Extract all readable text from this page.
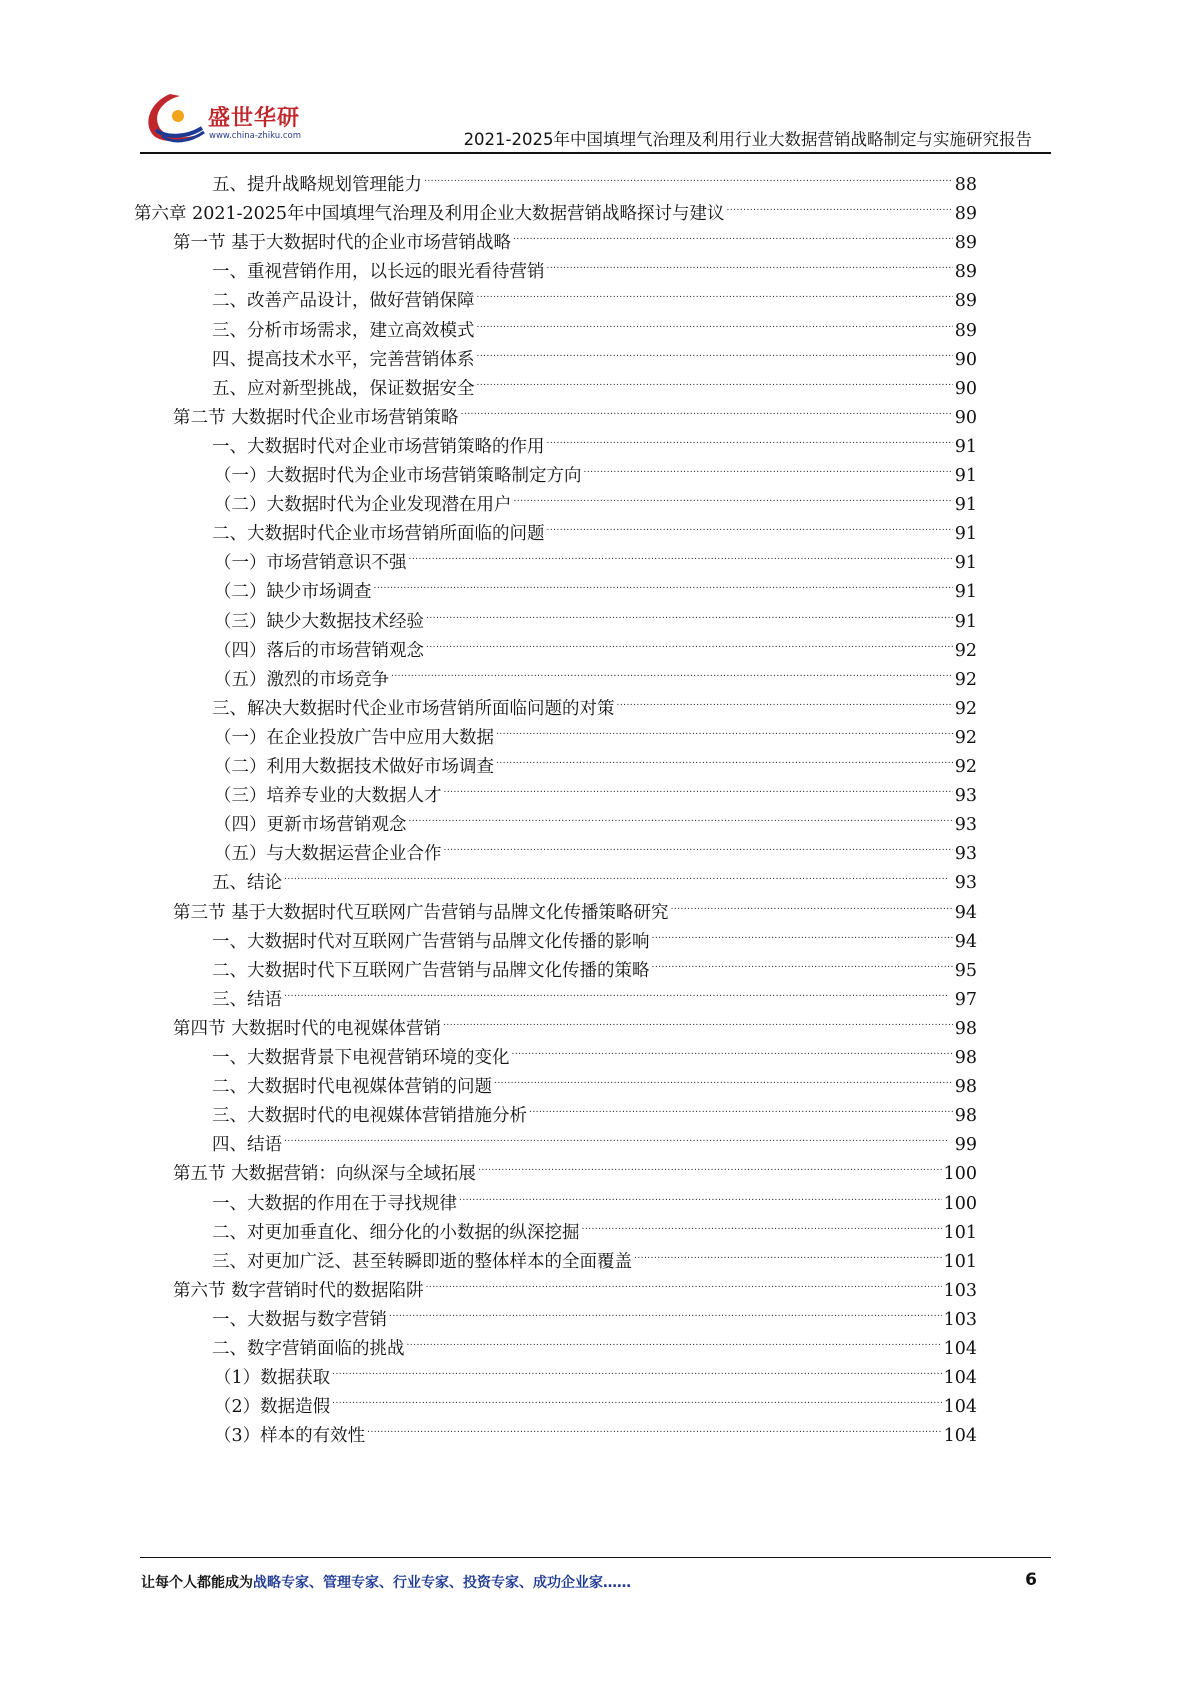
盛世华研
www.china-zhiku.com	2021-2025年中国填埋气治理及利用行业大数据营销战略制定与实施研究报告
五、提升战略规划管理能力 . . .	88
第六章 2021-2025年中国填埋气治理及利用企业大数据营销战略探讨与建议 . . .	89
第一节 基于大数据时代的企业市场营销战略 . . .	89
一、重视营销作用，以长远的眼光看待营销 . . .	89
二、改善产品设计，做好营销保障 . . .	89
三、分析市场需求，建立高效模式 . . .	89
四、提高技术水平，完善营销体系 . . .	90
五、应对新型挑战，保证数据安全 . . .	90
第二节 大数据时代企业市场营销策略 . . .	90
一、大数据时代对企业市场营销策略的作用 . . .	91
（一）大数据时代为企业市场营销策略制定方向 . . .	91
（二）大数据时代为企业发现潜在用户 . . .	91
二、大数据时代企业市场营销所面临的问题 . . .	91
（一）市场营销意识不强 . . .	91
（二）缺少市场调查 . . .	91
（三）缺少大数据技术经验 . . .	91
（四）落后的市场营销观念 . . .	92
（五）激烈的市场竞争 . . .	92
三、解决大数据时代企业市场营销所面临问题的对策 . . .	92
（一）在企业投放广告中应用大数据 . . .	92
（二）利用大数据技术做好市场调查 . . .	92
（三）培养专业的大数据人才 . . .	93
（四）更新市场营销观念 . . .	93
（五）与大数据运营企业合作 . . .	93
五、结论 . . .	93
第三节 基于大数据时代互联网广告营销与品牌文化传播策略研究 . . .	94
一、大数据时代对互联网广告营销与品牌文化传播的影响 . . .	94
二、大数据时代下互联网广告营销与品牌文化传播的策略 . . .	95
三、结语 . . .	97
第四节 大数据时代的电视媒体营销 . . .	98
一、大数据背景下电视营销环境的变化 . . .	98
二、大数据时代电视媒体营销的问题 . . .	98
三、大数据时代的电视媒体营销措施分析 . . .	98
四、结语 . . .	99
第五节 大数据营销：向纵深与全域拓展 . . .	100
一、大数据的作用在于寻找规律 . . .	100
二、对更加垂直化、细分化的小数据的纵深挖掘 . . .	101
三、对更加广泛、甚至转瞬即逝的整体样本的全面覆盖 . . .	101
第六节 数字营销时代的数据陷阱 . . .	103
一、大数据与数字营销 . . .	103
二、数字营销面临的挑战 . . .	104
（1）数据获取 . . .	104
（2）数据造假 . . .	104
（3）样本的有效性 . . .	104
让每个人都能成为战略专家、管理专家、行业专家、投资专家、成功企业家……	6
